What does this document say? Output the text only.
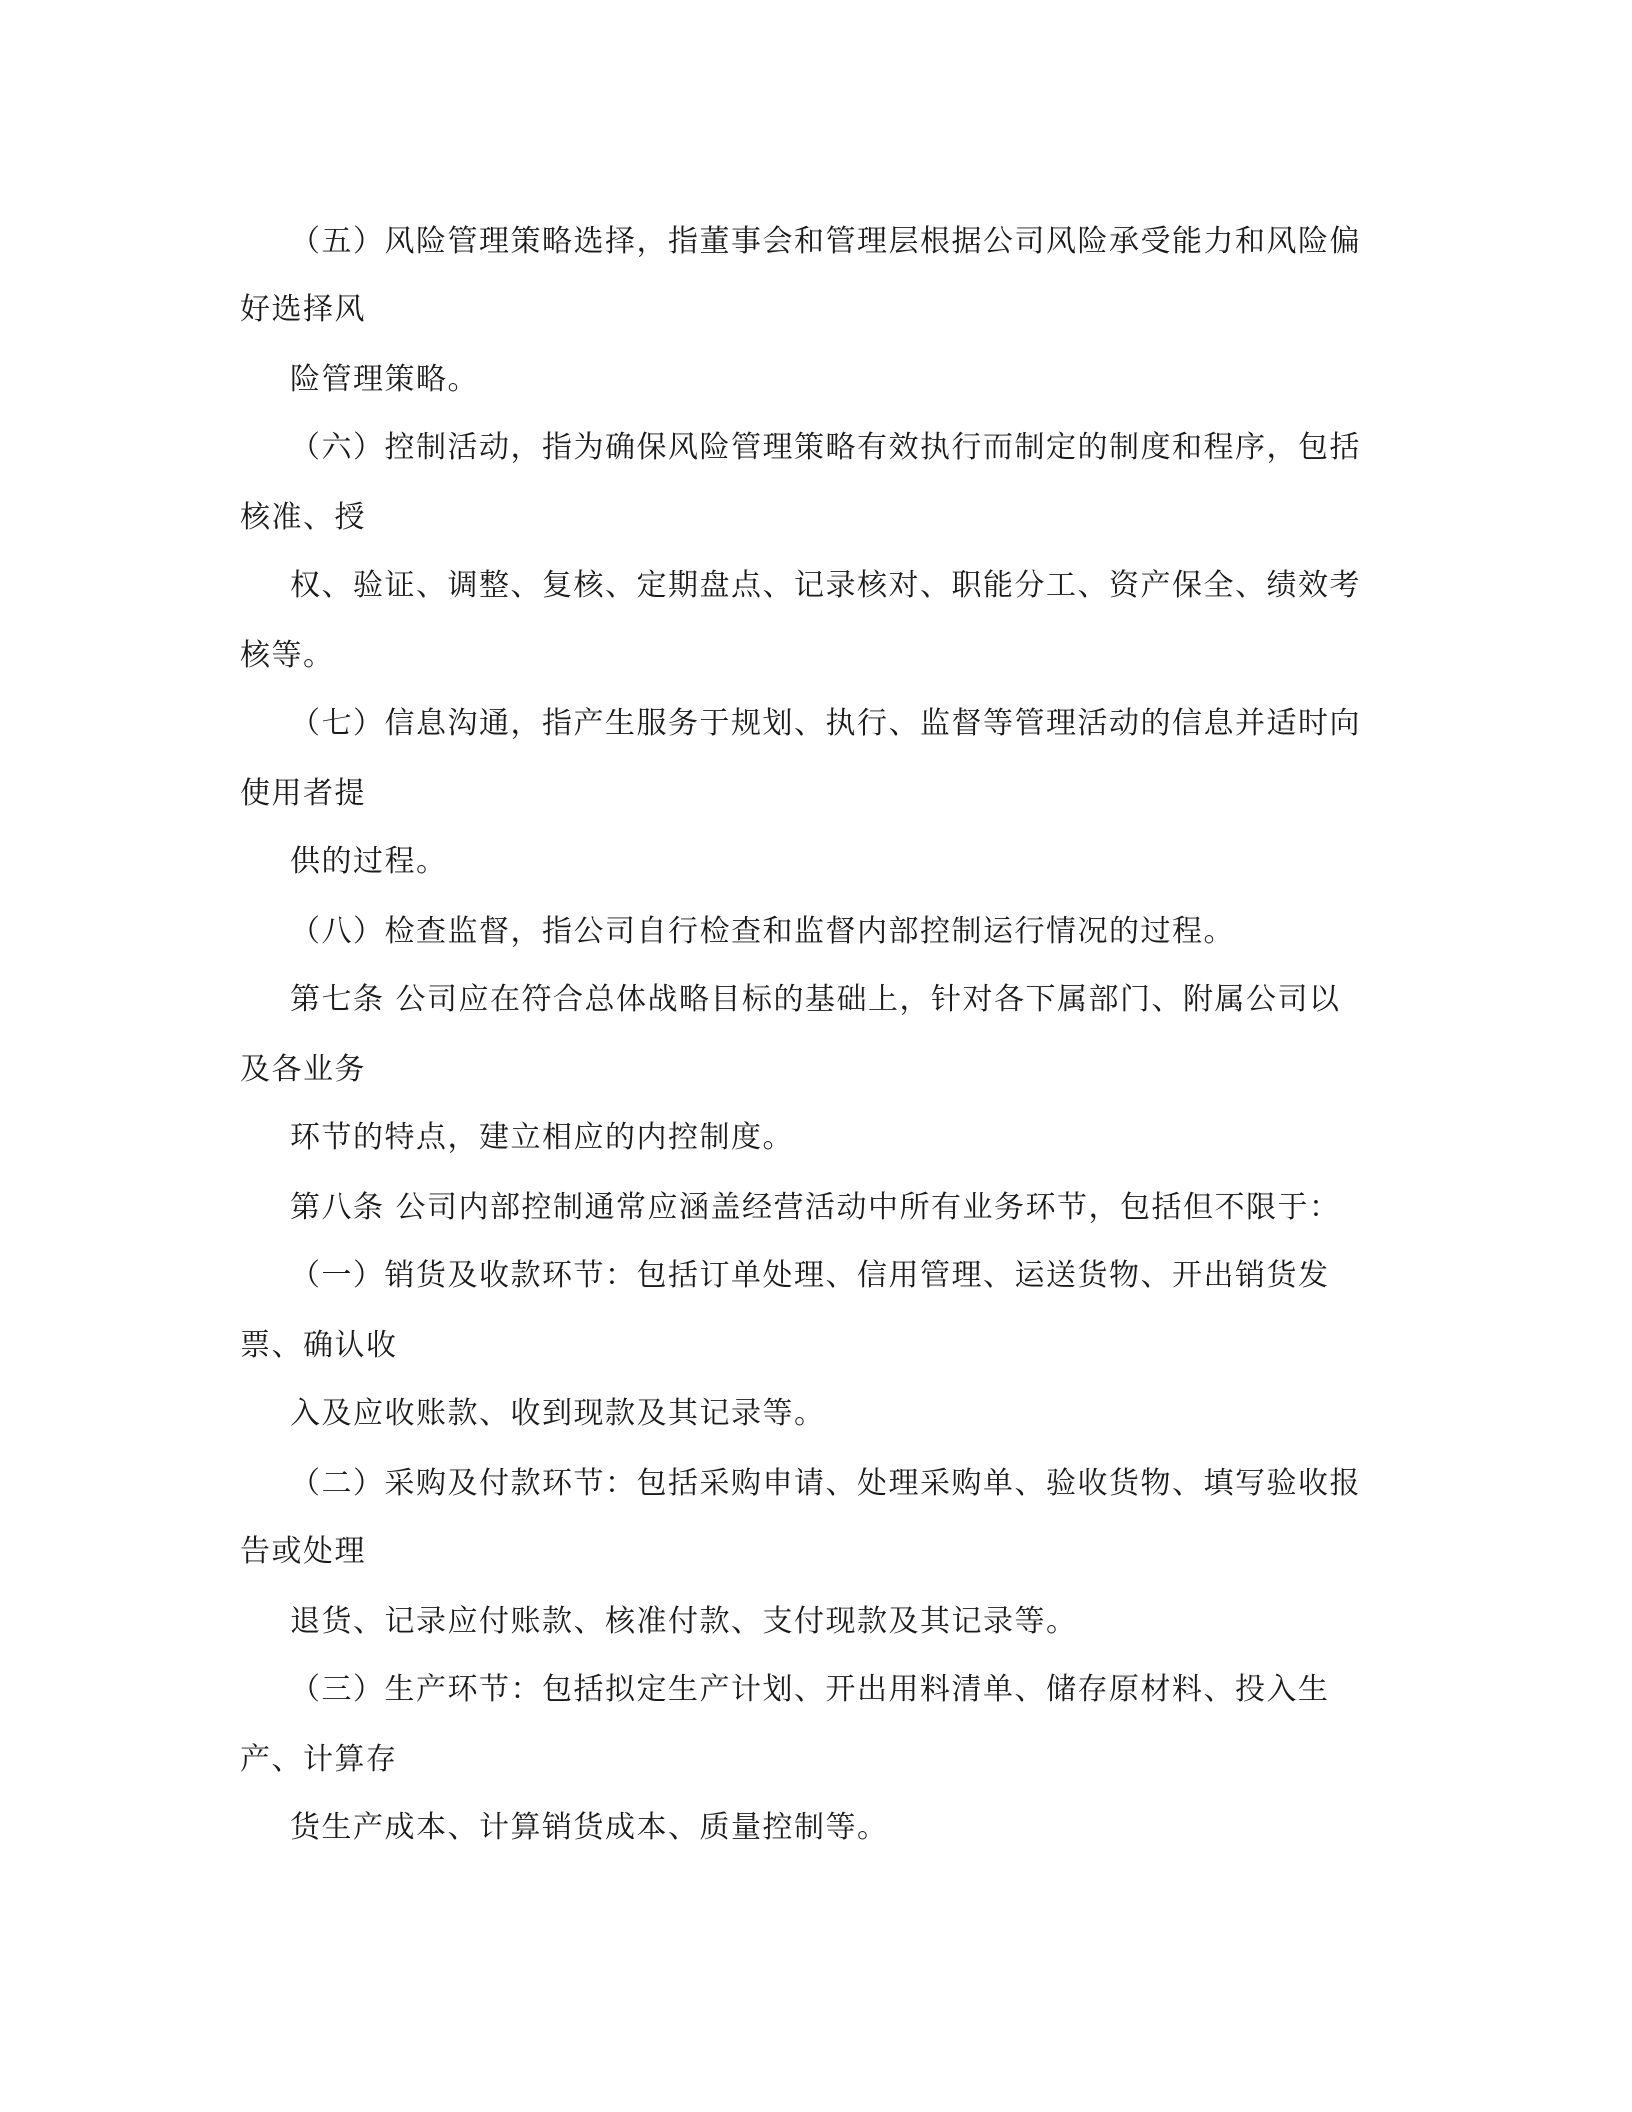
（五）风险管理策略选择，指董事会和管理层根据公司风险承受能力和风险偏
好选择风
险管理策略。
（六）控制活动，指为确保风险管理策略有效执行而制定的制度和程序，包括
核准、授
权、验证、调整、复核、定期盘点、记录核对、职能分工、资产保全、绩效考
核等。
（七）信息沟通，指产生服务于规划、执行、监督等管理活动的信息并适时向
使用者提
供的过程。
（八）检查监督，指公司自行检查和监督内部控制运行情况的过程。
第七条 公司应在符合总体战略目标的基础上，针对各下属部门、附属公司以
及各业务
环节的特点，建立相应的内控制度。
第八条 公司内部控制通常应涵盖经营活动中所有业务环节，包括但不限于：
（一）销货及收款环节：包括订单处理、信用管理、运送货物、开出销货发
票、确认收
入及应收账款、收到现款及其记录等。
（二）采购及付款环节：包括采购申请、处理采购单、验收货物、填写验收报
告或处理
退货、记录应付账款、核准付款、支付现款及其记录等。
（三）生产环节：包括拟定生产计划、开出用料清单、储存原材料、投入生
产、计算存
货生产成本、计算销货成本、质量控制等。
